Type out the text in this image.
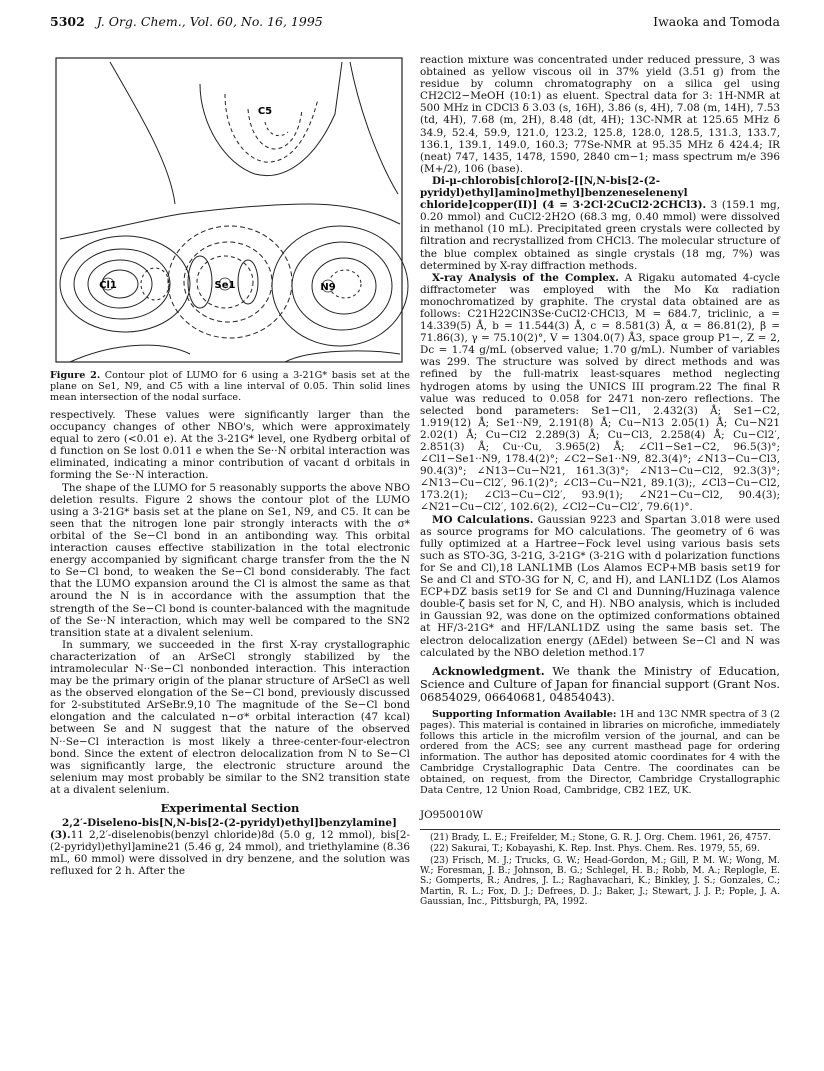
5302 J. Org. Chem., Vol. 60, No. 16, 1995	Iwaoka and Tomoda
Cl1	Se1	N9
C5
Figure 2. Contour plot of LUMO for 6 using a 3-21G* basis set at the plane on Se1, N9, and C5 with a line interval of 0.05. Thin solid lines mean intersection of the nodal surface.

respectively. These values were significantly larger than the occupancy changes of other NBO's, which were approximately equal to zero (<0.01 e). At the 3-21G* level, one Rydberg orbital of d function on Se lost 0.011 e when the Se··N orbital interaction was eliminated, indicating a minor contribution of vacant d orbitals in forming the Se··N interaction.

The shape of the LUMO for 5 reasonably supports the above NBO deletion results. Figure 2 shows the contour plot of the LUMO using a 3-21G* basis set at the plane on Se1, N9, and C5. It can be seen that the nitrogen lone pair strongly interacts with the σ* orbital of the Se−Cl bond in an antibonding way. This orbital interaction causes effective stabilization in the total electronic energy accompanied by significant charge transfer from the the N to Se−Cl bond, to weaken the Se−Cl bond considerably. The fact that the LUMO expansion around the Cl is almost the same as that around the N is in accordance with the assumption that the strength of the Se−Cl bond is counter-balanced with the magnitude of the Se··N interaction, which may well be compared to the SN2 transition state at a divalent selenium.

In summary, we succeeded in the first X-ray crystallographic characterization of an ArSeCl strongly stabilized by the intramolecular N··Se−Cl nonbonded interaction. This interaction may be the primary origin of the planar structure of ArSeCl as well as the observed elongation of the Se−Cl bond, previously discussed for 2-substituted ArSeBr.9,10 The magnitude of the Se−Cl bond elongation and the calculated n−σ* orbital interaction (47 kcal) between Se and N suggest that the nature of the observed N··Se−Cl interaction is most likely a three-center-four-electron bond. Since the extent of electron delocalization from N to Se−Cl was significantly large, the electronic structure around the selenium may most probably be similar to the SN2 transition state at a divalent selenium.

Experimental Section

2,2′-Diseleno-bis[N,N-bis[2-(2-pyridyl)ethyl]benzylamine] (3).11 2,2′-diselenobis(benzyl chloride)8d (5.0 g, 12 mmol), bis[2-(2-pyridyl)ethyl]amine21 (5.46 g, 24 mmol), and triethylamine (8.36 mL, 60 mmol) were dissolved in dry benzene, and the solution was refluxed for 2 h. After the

reaction mixture was concentrated under reduced pressure, 3 was obtained as yellow viscous oil in 37% yield (3.51 g) from the residue by column chromatography on a silica gel using CH2Cl2−MeOH (10:1) as eluent. Spectral data for 3: 1H-NMR at 500 MHz in CDCl3 δ 3.03 (s, 16H), 3.86 (s, 4H), 7.08 (m, 14H), 7.53 (td, 4H), 7.68 (m, 2H), 8.48 (dt, 4H); 13C-NMR at 125.65 MHz δ 34.9, 52.4, 59.9, 121.0, 123.2, 125.8, 128.0, 128.5, 131.3, 133.7, 136.1, 139.1, 149.0, 160.3; 77Se-NMR at 95.35 MHz δ 424.4; IR (neat) 747, 1435, 1478, 1590, 2840 cm−1; mass spectrum m/e 396 (M+/2), 106 (base).

Di-μ-chlorobis[chloro[2-[[N,N-bis[2-(2-pyridyl)ethyl]amino]methyl]benzeneselenenyl chloride]copper(II)] (4 = 3·2Cl·2CuCl2·2CHCl3). 3 (159.1 mg, 0.20 mmol) and CuCl2·2H2O (68.3 mg, 0.40 mmol) were dissolved in methanol (10 mL). Precipitated green crystals were collected by filtration and recrystallized from CHCl3. The molecular structure of the blue complex obtained as single crystals (18 mg, 7%) was determined by X-ray diffraction methods.

X-ray Analysis of the Complex. A Rigaku automated 4-cycle diffractometer was employed with the Mo Kα radiation monochromatized by graphite. The crystal data obtained are as follows: C21H22ClN3Se·CuCl2·CHCl3, M = 684.7, triclinic, a = 14.339(5) Å, b = 11.544(3) Å, c = 8.581(3) Å, α = 86.81(2), β = 71.86(3), γ = 75.10(2)°, V = 1304.0(7) Å3, space group P1−, Z = 2, Dc = 1.74 g/mL (observed value; 1.70 g/mL). Number of variables was 299. The structure was solved by direct methods and was refined by the full-matrix least-squares method neglecting hydrogen atoms by using the UNICS III program.22 The final R value was reduced to 0.058 for 2471 non-zero reflections. The selected bond parameters: Se1−Cl1, 2.432(3) Å; Se1−C2, 1.919(12) Å; Se1··N9, 2.191(8) Å; Cu−N13 2.05(1) Å; Cu−N21 2.02(1) Å; Cu−Cl2 2.289(3) Å; Cu−Cl3, 2.258(4) Å; Cu−Cl2′, 2.851(3) Å; Cu··Cu, 3.965(2) Å; ∠Cl1−Se1−C2, 96.5(3)°; ∠Cl1−Se1··N9, 178.4(2)°; ∠C2−Se1··N9, 82.3(4)°; ∠N13−Cu−Cl3, 90.4(3)°; ∠N13−Cu−N21, 161.3(3)°; ∠N13−Cu−Cl2, 92.3(3)°; ∠N13−Cu−Cl2′, 96.1(2)°; ∠Cl3−Cu−N21, 89.1(3);, ∠Cl3−Cu−Cl2, 173.2(1); ∠Cl3−Cu−Cl2′, 93.9(1); ∠N21−Cu−Cl2, 90.4(3); ∠N21−Cu−Cl2′, 102.6(2), ∠Cl2−Cu−Cl2′, 79.6(1)°.

MO Calculations. Gaussian 9223 and Spartan 3.018 were used as source programs for MO calculations. The geometry of 6 was fully optimized at a Hartree−Fock level using various basis sets such as STO-3G, 3-21G, 3-21G* (3-21G with d polarization functions for Se and Cl),18 LANL1MB (Los Alamos ECP+MB basis set19 for Se and Cl and STO-3G for N, C, and H), and LANL1DZ (Los Alamos ECP+DZ basis set19 for Se and Cl and Dunning/Huzinaga valence double-ζ basis set for N, C, and H). NBO analysis, which is included in Gaussian 92, was done on the optimized conformations obtained at HF/3-21G* and HF/LANL1DZ using the same basis set. The electron delocalization energy (ΔEdel) between Se−Cl and N was calculated by the NBO deletion method.17

Acknowledgment. We thank the Ministry of Education, Science and Culture of Japan for financial support (Grant Nos. 06854029, 06640681, 04854043).

Supporting Information Available: 1H and 13C NMR spectra of 3 (2 pages). This material is contained in libraries on microfiche, immediately follows this article in the microfilm version of the journal, and can be ordered from the ACS; see any current masthead page for ordering information. The author has deposited atomic coordinates for 4 with the Cambridge Crystallographic Data Centre. The coordinates can be obtained, on request, from the Director, Cambridge Crystallographic Data Centre, 12 Union Road, Cambridge, CB2 1EZ, UK.

JO950010W
(21) Brady, L. E.; Freifelder, M.; Stone, G. R. J. Org. Chem. 1961, 26, 4757.
(22) Sakurai, T.; Kobayashi, K. Rep. Inst. Phys. Chem. Res. 1979, 55, 69.
(23) Frisch, M. J.; Trucks, G. W.; Head-Gordon, M.; Gill, P. M. W.; Wong, M. W.; Foresman, J. B.; Johnson, B. G.; Schlegel, H. B.; Robb, M. A.; Replogle, E. S.; Gomperts, R.; Andres, J. L.; Raghavachari, K.; Binkley, J. S.; Gonzales, C.; Martin, R. L.; Fox, D. J.; Defrees, D. J.; Baker, J.; Stewart, J. J. P.; Pople, J. A. Gaussian, Inc., Pittsburgh, PA, 1992.
